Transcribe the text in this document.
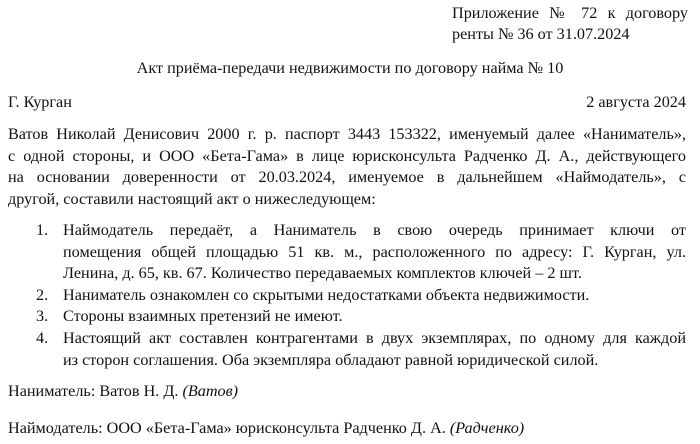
Приложение № 72 к договору
ренты № 36 от 31.07.2024
Акт приёма-передачи недвижимости по договору найма № 10
Г. Курган	2 августа 2024
Ватов Николай Денисович 2000 г. р. паспорт 3443 153322, именуемый далее «Наниматель»,
с одной стороны, и ООО «Бета-Гама» в лице юрисконсульта Радченко Д. А., действующего
на основании доверенности от 20.03.2024, именуемое в дальнейшем «Наймодатель», с
другой, составили настоящий акт о нижеследующем:
1. Наймодатель передаёт, а Наниматель в свою очередь принимает ключи от
помещения общей площадью 51 кв. м., расположенного по адресу: Г. Курган, ул.
Ленина, д. 65, кв. 67. Количество передаваемых комплектов ключей – 2 шт.
2. Наниматель ознакомлен со скрытыми недостатками объекта недвижимости.
3. Стороны взаимных претензий не имеют.
4. Настоящий акт составлен контрагентами в двух экземплярах, по одному для каждой
из сторон соглашения. Оба экземпляра обладают равной юридической силой.
Наниматель: Ватов Н. Д. (Ватов)
Наймодатель: ООО «Бета-Гама» юрисконсульта Радченко Д. А. (Радченко)
